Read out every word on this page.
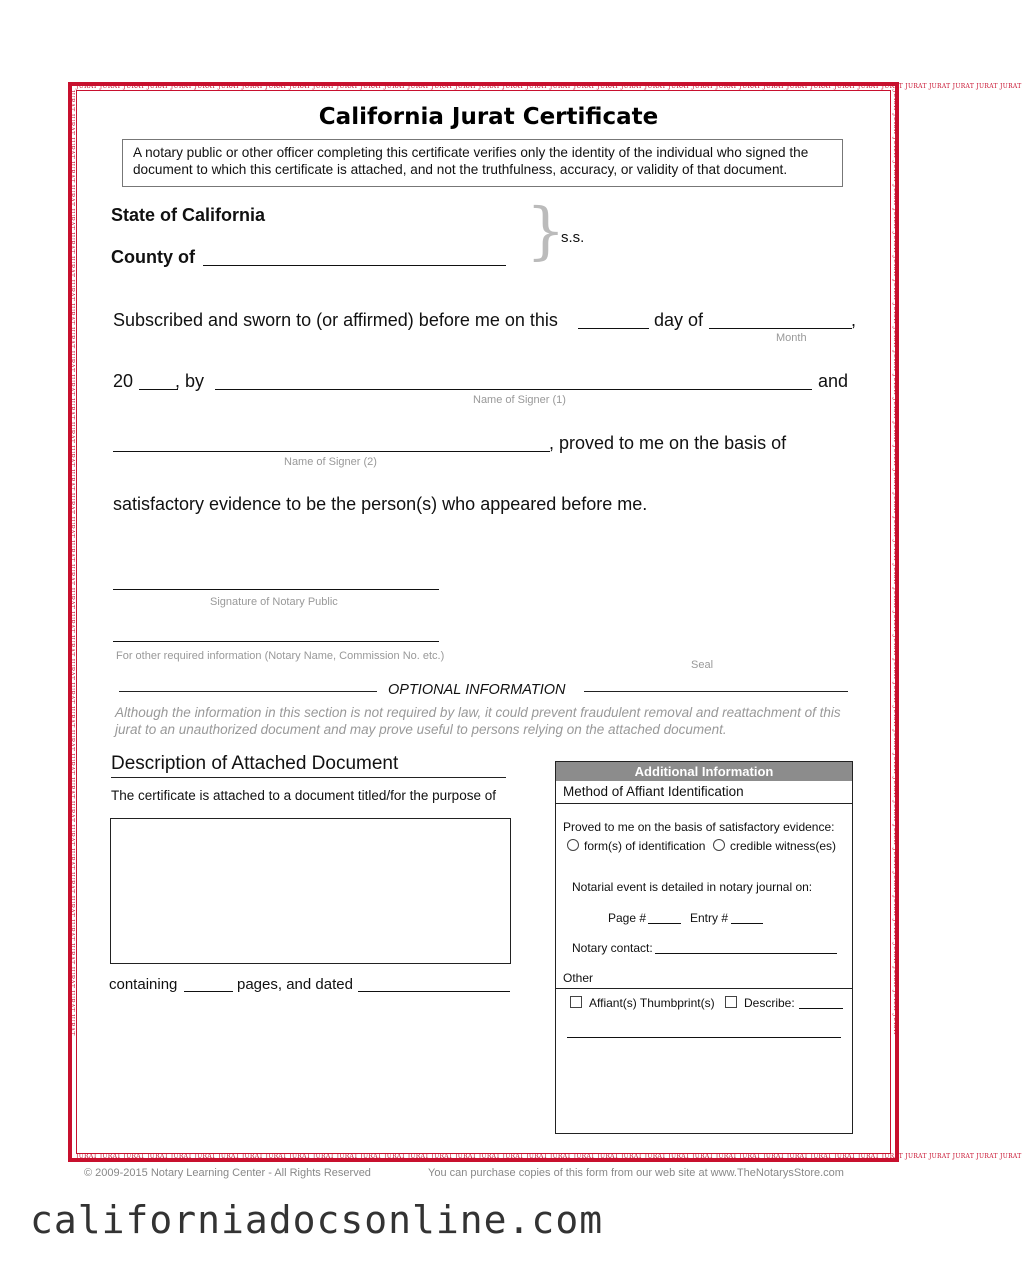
JURAT JURAT JURAT JURAT JURAT JURAT JURAT JURAT JURAT JURAT JURAT JURAT JURAT JURAT JURAT JURAT JURAT JURAT JURAT JURAT JURAT JURAT JURAT JURAT JURAT JURAT JURAT JURAT JURAT JURAT JURAT JURAT JURAT JURAT JURAT JURAT JURAT JURAT JURAT JURAT
JURAT JURAT JURAT JURAT JURAT JURAT JURAT JURAT JURAT JURAT JURAT JURAT JURAT JURAT JURAT JURAT JURAT JURAT JURAT JURAT JURAT JURAT JURAT JURAT JURAT JURAT JURAT JURAT JURAT JURAT JURAT JURAT JURAT JURAT JURAT JURAT JURAT JURAT JURAT JURAT
JURAT JURAT JURAT JURAT JURAT JURAT JURAT JURAT JURAT JURAT JURAT JURAT JURAT JURAT JURAT JURAT JURAT JURAT JURAT JURAT JURAT JURAT JURAT JURAT JURAT JURAT JURAT JURAT JURAT JURAT JURAT JURAT JURAT JURAT JURAT JURAT JURAT JURAT JURAT JURAT	JURAT JURAT JURAT JURAT JURAT JURAT JURAT JURAT JURAT JURAT JURAT JURAT JURAT JURAT JURAT JURAT JURAT JURAT JURAT JURAT JURAT JURAT JURAT JURAT JURAT JURAT JURAT JURAT JURAT JURAT JURAT JURAT JURAT JURAT JURAT JURAT JURAT JURAT JURAT JURAT
California Jurat Certificate
A notary public or other officer completing this certificate verifies only the identity of the individual who signed the document to which this certificate is attached, and not the truthfulness, accuracy, or validity of that document.
State of California
County of	}
s.s.
Subscribed and sworn to (or affirmed) before me on this	day of	,
Month
20 , by	and
Name of Signer (1)
, proved to me on the basis of
Name of Signer (2)
satisfactory evidence to be the person(s) who appeared before me.
Signature of Notary Public
For other required information (Notary Name, Commission No. etc.)
Seal
OPTIONAL INFORMATION
Although the information in this section is not required by law, it could prevent fraudulent removal and reattachment of this jurat to an unauthorized document and may prove useful to persons relying on the attached document.
Description of Attached Document
The certificate is attached to a document titled/for the purpose of
containing	pages, and dated
Additional Information
Method of Affiant Identification
Proved to me on the basis of satisfactory evidence:
form(s) of identification	credible witness(es)
Notarial event is detailed in notary journal on:
Page #	Entry #
Notary contact:
Other
Affiant(s) Thumbprint(s)	Describe:
© 2009-2015 Notary Learning Center - All Rights Reserved	You can purchase copies of this form from our web site at www.TheNotarysStore.com
californiadocsonline.com
